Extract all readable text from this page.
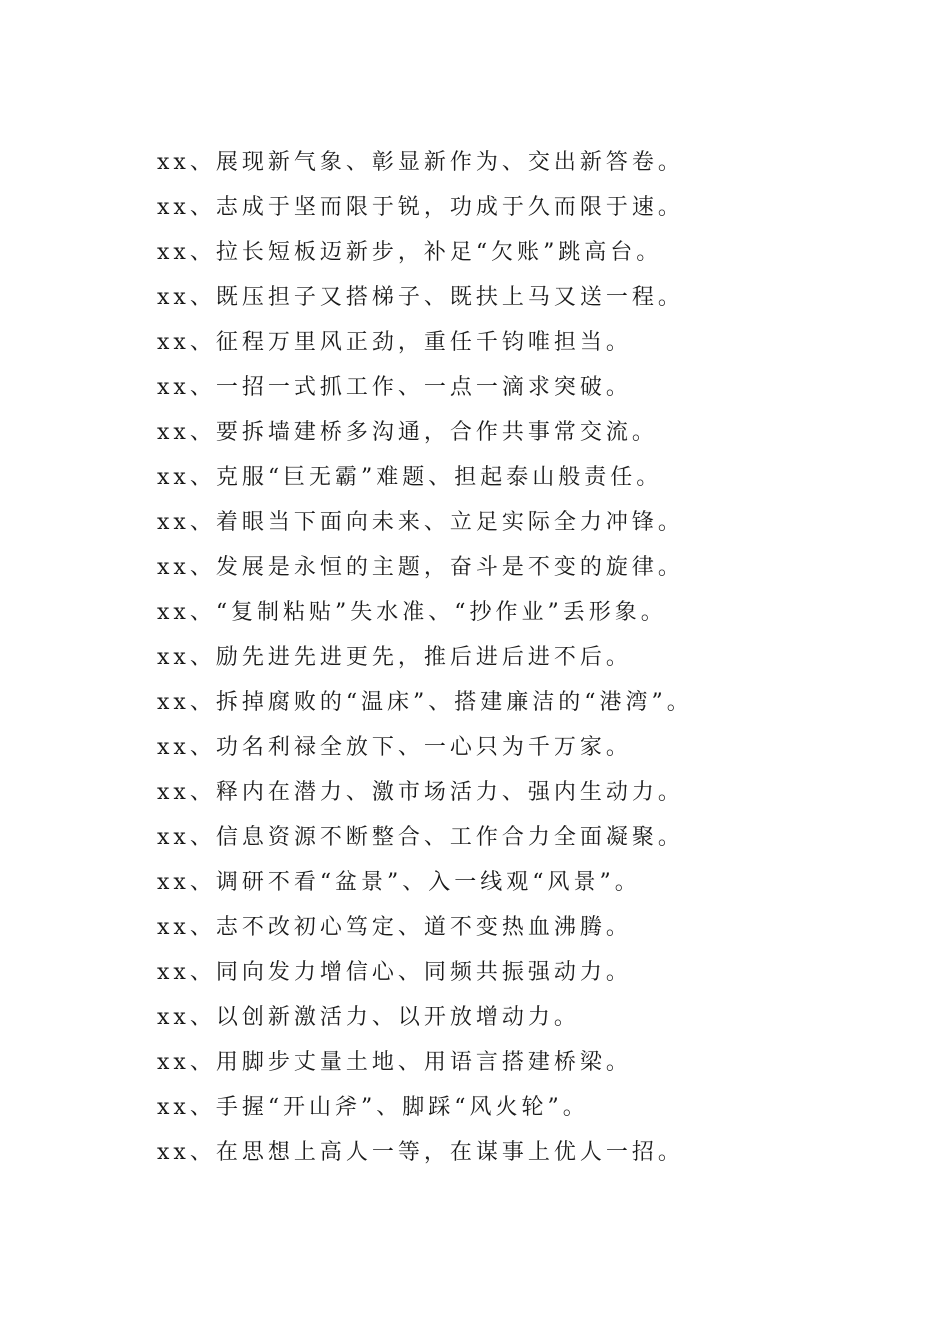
xx、展现新气象、彰显新作为、交出新答卷。
xx、志成于坚而限于锐，功成于久而限于速。
xx、拉长短板迈新步，补足“欠账”跳高台。
xx、既压担子又搭梯子、既扶上马又送一程。
xx、征程万里风正劲，重任千钧唯担当。
xx、一招一式抓工作、一点一滴求突破。
xx、要拆墙建桥多沟通，合作共事常交流。
xx、克服“巨无霸”难题、担起泰山般责任。
xx、着眼当下面向未来、立足实际全力冲锋。
xx、发展是永恒的主题，奋斗是不变的旋律。
xx、“复制粘贴”失水准、“抄作业”丢形象。
xx、励先进先进更先，推后进后进不后。
xx、拆掉腐败的“温床”、搭建廉洁的“港湾”。
xx、功名利禄全放下、一心只为千万家。
xx、释内在潜力、激市场活力、强内生动力。
xx、信息资源不断整合、工作合力全面凝聚。
xx、调研不看“盆景”、入一线观“风景”。
xx、志不改初心笃定、道不变热血沸腾。
xx、同向发力增信心、同频共振强动力。
xx、以创新激活力、以开放增动力。
xx、用脚步丈量土地、用语言搭建桥梁。
xx、手握“开山斧”、脚踩“风火轮”。
xx、在思想上高人一等，在谋事上优人一招。
